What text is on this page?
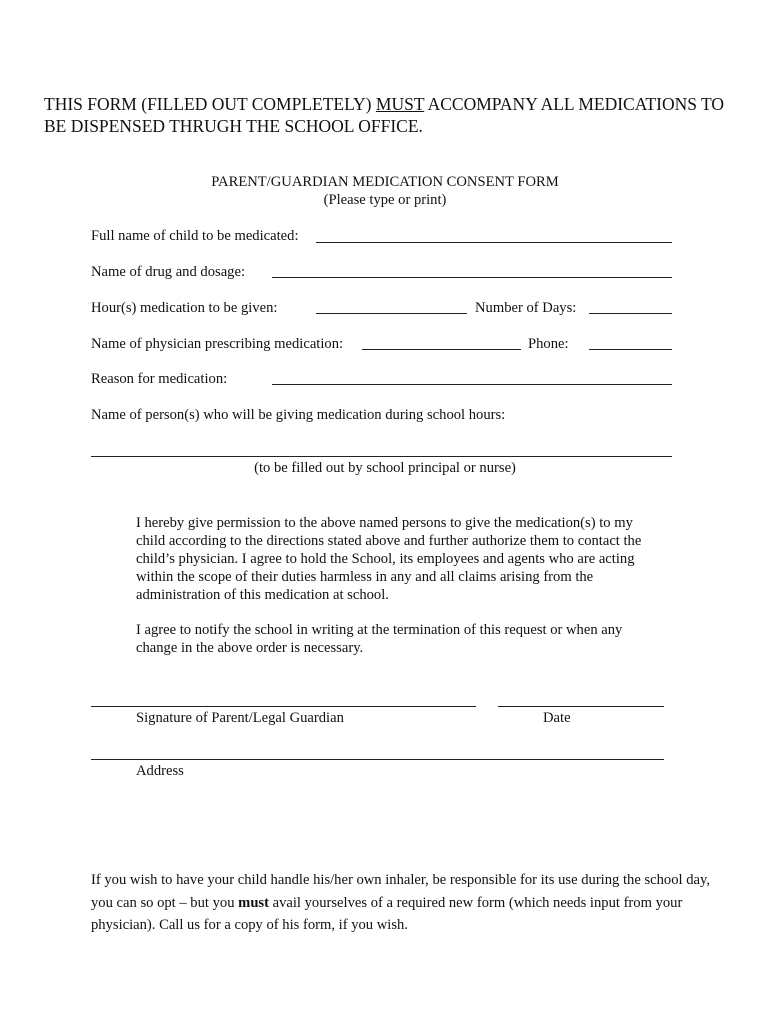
THIS FORM (FILLED OUT COMPLETELY) MUST ACCOMPANY ALL MEDICATIONS TO
BE DISPENSED THRUGH THE SCHOOL OFFICE.
PARENT/GUARDIAN MEDICATION CONSENT FORM
(Please type or print)
Full name of child to be medicated:
Name of drug and dosage:
Hour(s) medication to be given:	Number of Days:
Name of physician prescribing medication:	Phone:
Reason for medication:
Name of person(s) who will be giving medication during school hours:
(to be filled out by school principal or nurse)

I hereby give permission to the above named persons to give the medication(s) to my child according to the directions stated above and further authorize them to contact the child’s physician. I agree to hold the School, its employees and agents who are acting within the scope of their duties harmless in any and all claims arising from the administration of this medication at school.

I agree to notify the school in writing at the termination of this request or when any change in the above order is necessary.

Signature of Parent/Legal Guardian	Date
Address

If you wish to have your child handle his/her own inhaler, be responsible for its use during the school day, you can so opt – but you must avail yourselves of a required new form (which needs input from your physician). Call us for a copy of his form, if you wish.
